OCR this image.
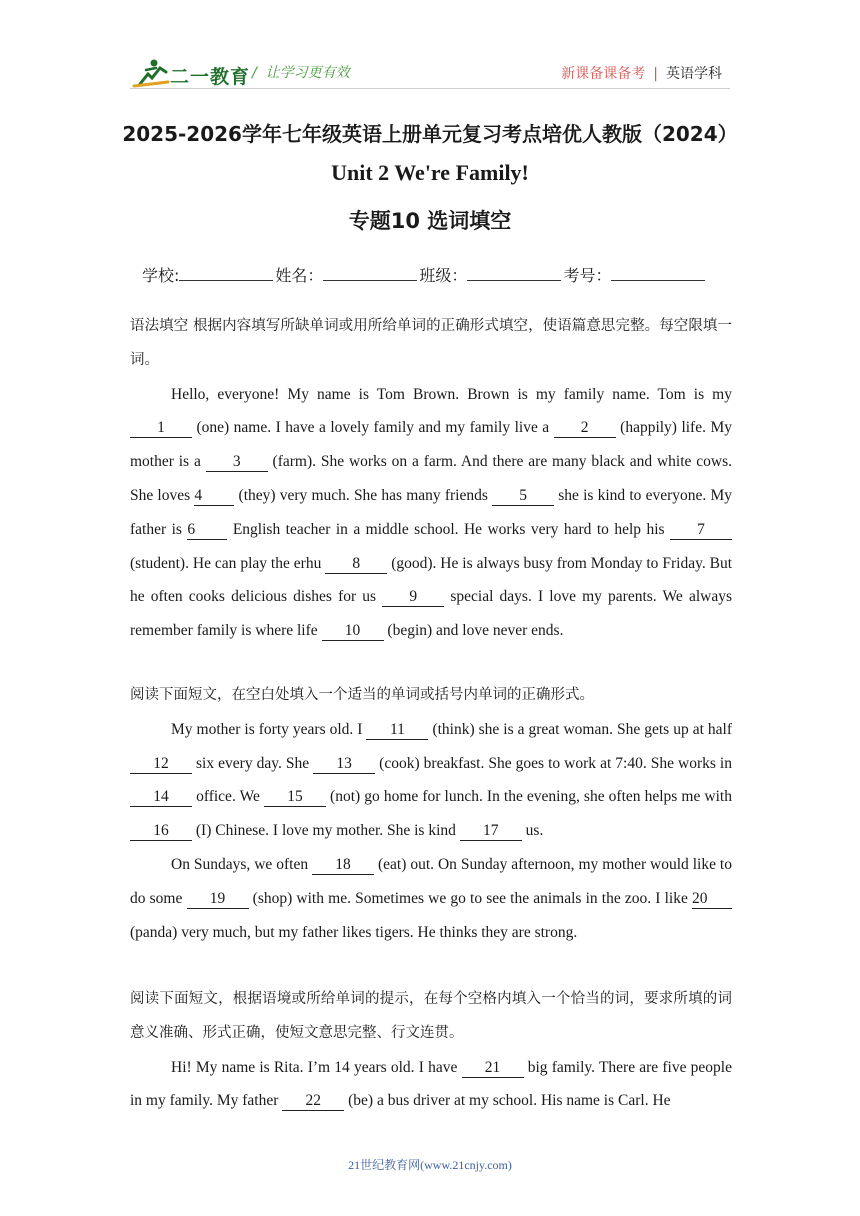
二一教育 /  让学习更有效	新课备课备考 | 英语学科
2025-2026学年七年级英语上册单元复习考点培优人教版（2024）
Unit 2 We're Family!
专题10 选词填空
学校:	姓名：	班级：	考号：

语法填空 根据内容填写所缺单词或用所给单词的正确形式填空，使语篇意思完整。每空限填一词。

Hello, everyone! My name is Tom Brown. Brown is my family name. Tom is my 1 (one) name. I have a lovely family and my family live a 2 (happily) life. My mother is a 3 (farm). She works on a farm. And there are many black and white cows. She loves 4 (they) very much. She has many friends 5 she is kind to everyone. My father is 6 English teacher in a middle school. He works very hard to help his 7 (student). He can play the erhu 8 (good). He is always busy from Monday to Friday. But he often cooks delicious dishes for us 9 special days. I love my parents. We always remember family is where life 10 (begin) and love never ends.

阅读下面短文，在空白处填入一个适当的单词或括号内单词的正确形式。

My mother is forty years old. I 11 (think) she is a great woman. She gets up at half 12 six every day. She 13 (cook) breakfast. She goes to work at 7:40. She works in 14 office. We 15 (not) go home for lunch. In the evening, she often helps me with 16 (I) Chinese. I love my mother. She is kind 17 us.

On Sundays, we often 18 (eat) out. On Sunday afternoon, my mother would like to do some 19 (shop) with me. Sometimes we go to see the animals in the zoo. I like 20 (panda) very much, but my father likes tigers. He thinks they are strong.

阅读下面短文，根据语境或所给单词的提示，在每个空格内填入一个恰当的词，要求所填的词意义准确、形式正确，使短文意思完整、行文连贯。

Hi! My name is Rita. I’m 14 years old. I have 21 big family. There are five people in my family. My father 22 (be) a bus driver at my school. His name is Carl. He

21世纪教育网(www.21cnjy.com)
